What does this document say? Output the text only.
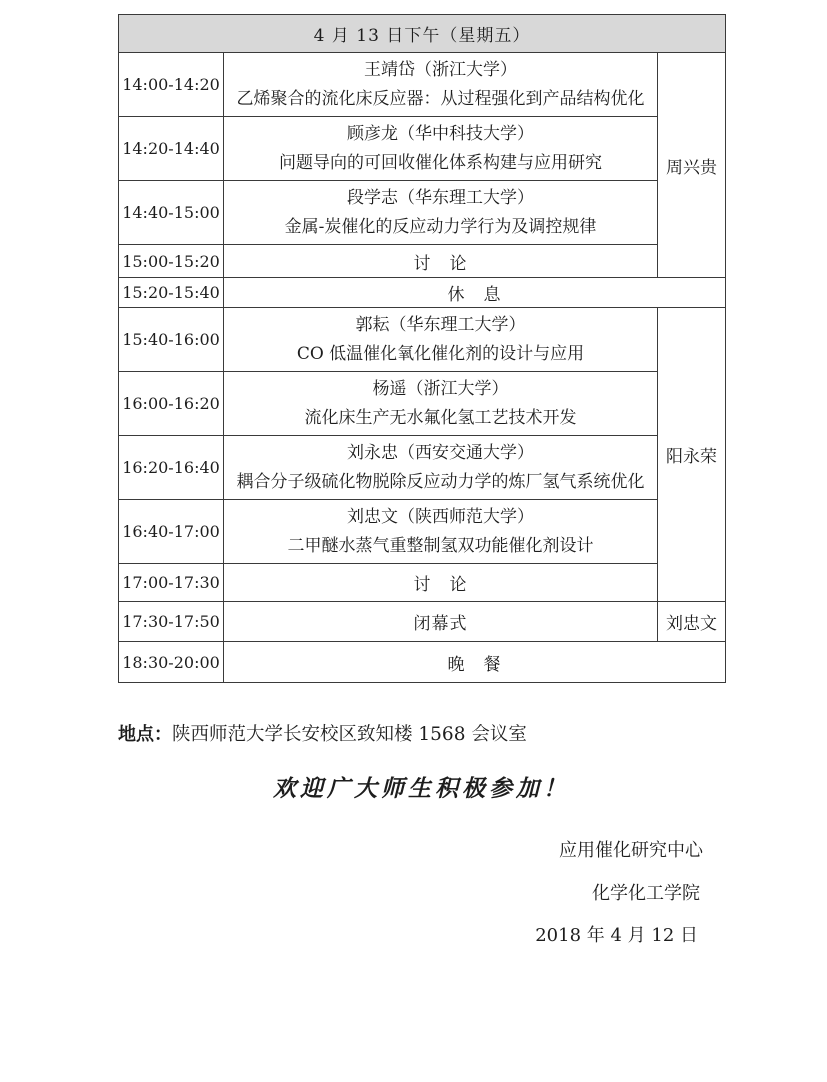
4 月 13 日下午（星期五）		
14:00-14:20	王靖岱（浙江大学）
乙烯聚合的流化床反应器：从过程强化到产品结构优化	周兴贵
14:20-14:40	顾彦龙（华中科技大学）
问题导向的可回收催化体系构建与应用研究	

14:40-15:00	段学志（华东理工大学）
金属-炭催化的反应动力学行为及调控规律	

15:00-15:20	讨　论	
15:20-15:40	休　息	
15:40-16:00	郭耘（华东理工大学）
CO 低温催化氧化催化剂的设计与应用	阳永荣
16:00-16:20	杨遥（浙江大学）
流化床生产无水氟化氢工艺技术开发	

16:20-16:40	刘永忠（西安交通大学）
耦合分子级硫化物脱除反应动力学的炼厂氢气系统优化	

16:40-17:00	刘忠文（陕西师范大学）
二甲醚水蒸气重整制氢双功能催化剂设计	

17:00-17:30	讨　论	
17:30-17:50	闭幕式	刘忠文
18:30-20:00	晚　餐	
地点：陕西师范大学长安校区致知楼 1568 会议室
欢迎广大师生积极参加！
应用催化研究中心
化学化工学院
2018 年 4 月 12 日
